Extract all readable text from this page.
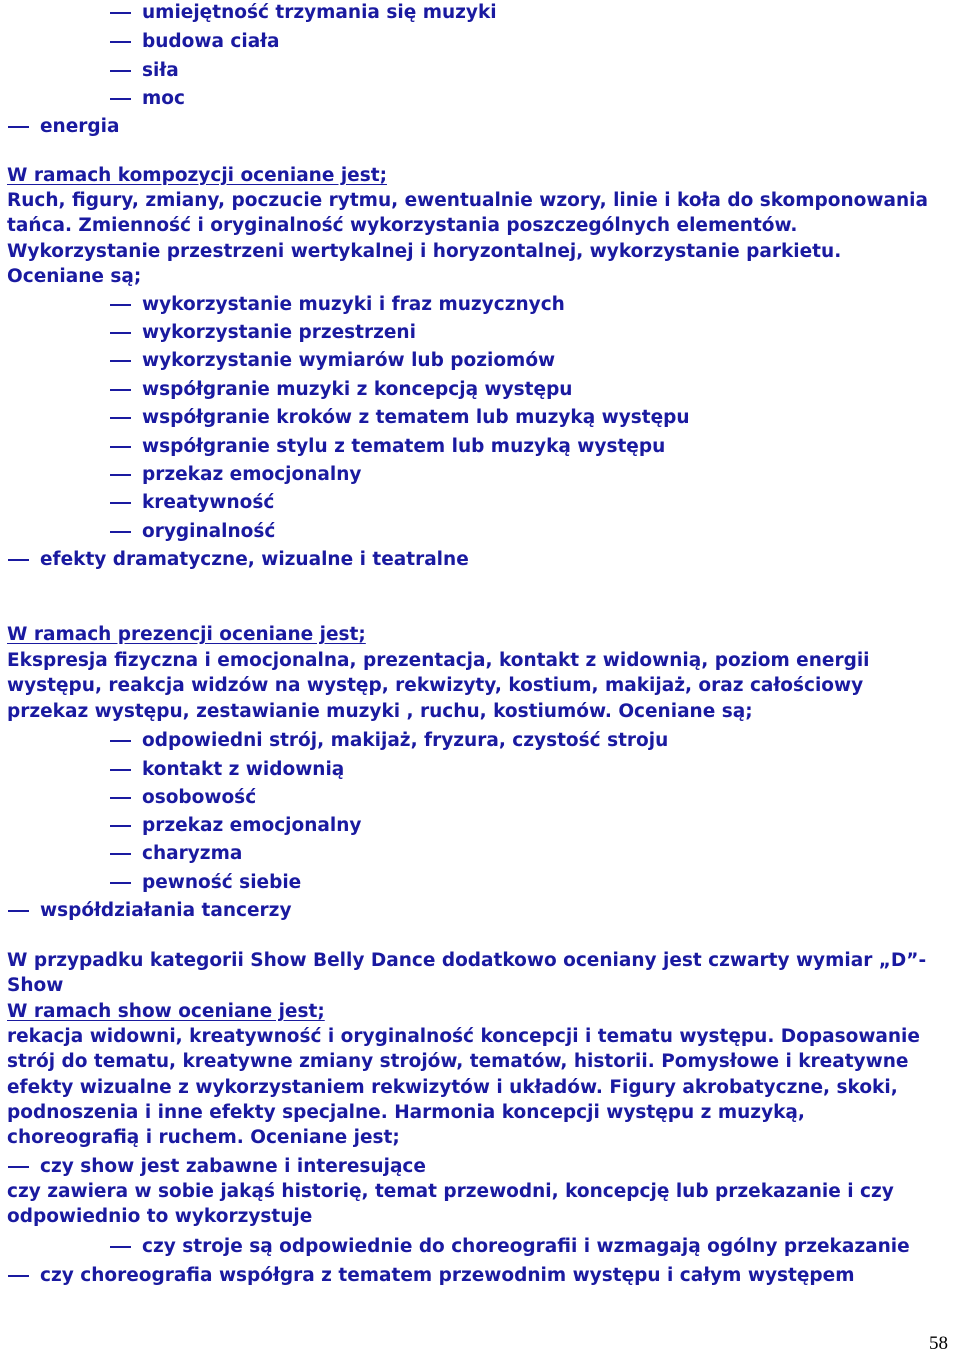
umiejętność trzymania się muzyki
budowa ciała
siła
moc
energia
W ramach kompozycji oceniane jest;
Ruch, figury, zmiany, poczucie rytmu, ewentualnie wzory, linie i koła do skomponowania tańca. Zmienność i oryginalność wykorzystania poszczególnych elementów. Wykorzystanie przestrzeni wertykalnej i horyzontalnej, wykorzystanie parkietu. Oceniane są;
wykorzystanie muzyki i fraz muzycznych
wykorzystanie przestrzeni
wykorzystanie wymiarów lub poziomów
współgranie muzyki z koncepcją występu
współgranie kroków z tematem lub muzyką występu
współgranie stylu z tematem lub muzyką występu
przekaz emocjonalny
kreatywność
oryginalność
efekty dramatyczne, wizualne i teatralne
W ramach prezencji oceniane jest;
Ekspresja fizyczna i emocjonalna, prezentacja, kontakt z widownią, poziom energii występu, reakcja widzów na występ, rekwizyty, kostium, makijaż, oraz całościowy przekaz występu, zestawianie muzyki , ruchu, kostiumów. Oceniane są;
odpowiedni strój, makijaż, fryzura, czystość stroju
kontakt z widownią
osobowość
przekaz emocjonalny
charyzma
pewność siebie
współdziałania tancerzy
W przypadku kategorii Show Belly Dance dodatkowo oceniany jest czwarty wymiar „D”- Show
W ramach show oceniane jest;
rekacja widowni, kreatywność i oryginalność koncepcji i tematu występu. Dopasowanie strój do tematu, kreatywne zmiany strojów, tematów, historii. Pomysłowe i kreatywne efekty wizualne z wykorzystaniem rekwizytów i układów. Figury akrobatyczne, skoki, podnoszenia i inne efekty specjalne. Harmonia koncepcji występu z muzyką, choreografią i ruchem. Oceniane jest;
czy show jest zabawne i interesujące
czy zawiera w sobie jakąś historię, temat przewodni, koncepcję lub przekazanie i czy odpowiednio to wykorzystuje
czy stroje są odpowiednie do choreografii i wzmagają ogólny przekazanie
czy choreografia współgra z tematem przewodnim występu i całym występem
58
